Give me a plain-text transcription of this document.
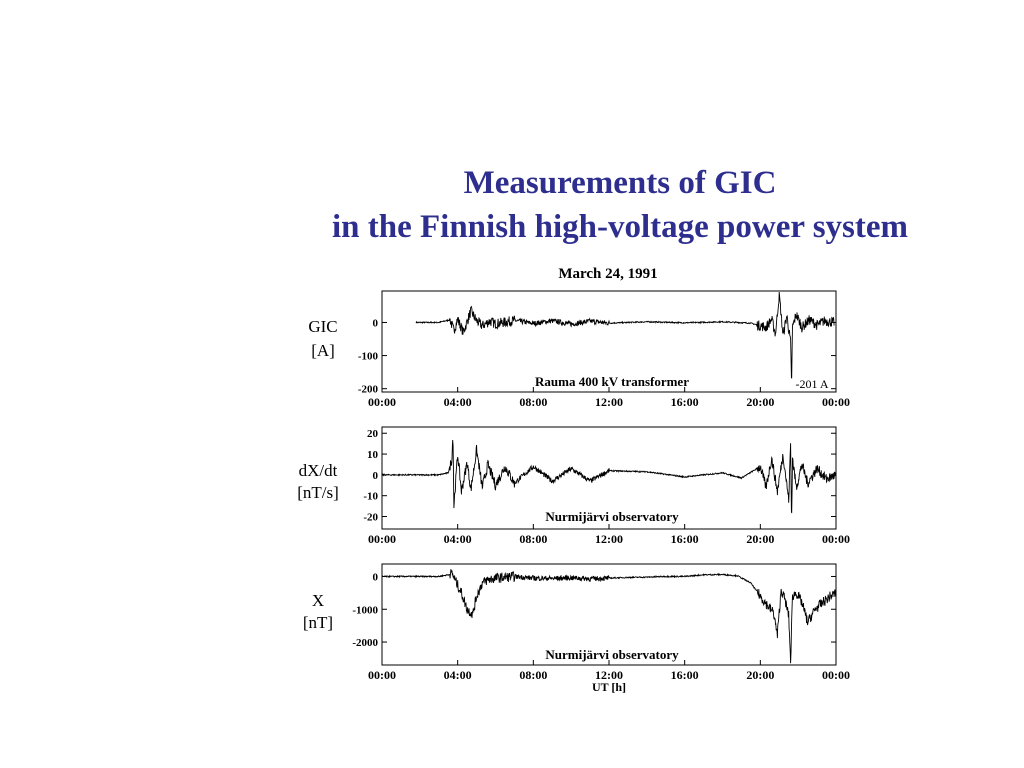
Measurements of GIC
in the Finnish high-voltage power system
March 24, 1991
0
-100
-200
00:00	04:00	08:00	12:00	16:00	20:00	00:00
GIC
[A]
Rauma 400 kV transformer	-201 A
20
10
0
-10
-20
00:00	04:00	08:00	12:00	16:00	20:00	00:00
dX/dt
[nT/s]
Nurmijärvi observatory
0
-1000
-2000
00:00	04:00	08:00	12:00	16:00	20:00	00:00
X
[nT]
Nurmijärvi observatory
UT [h]
